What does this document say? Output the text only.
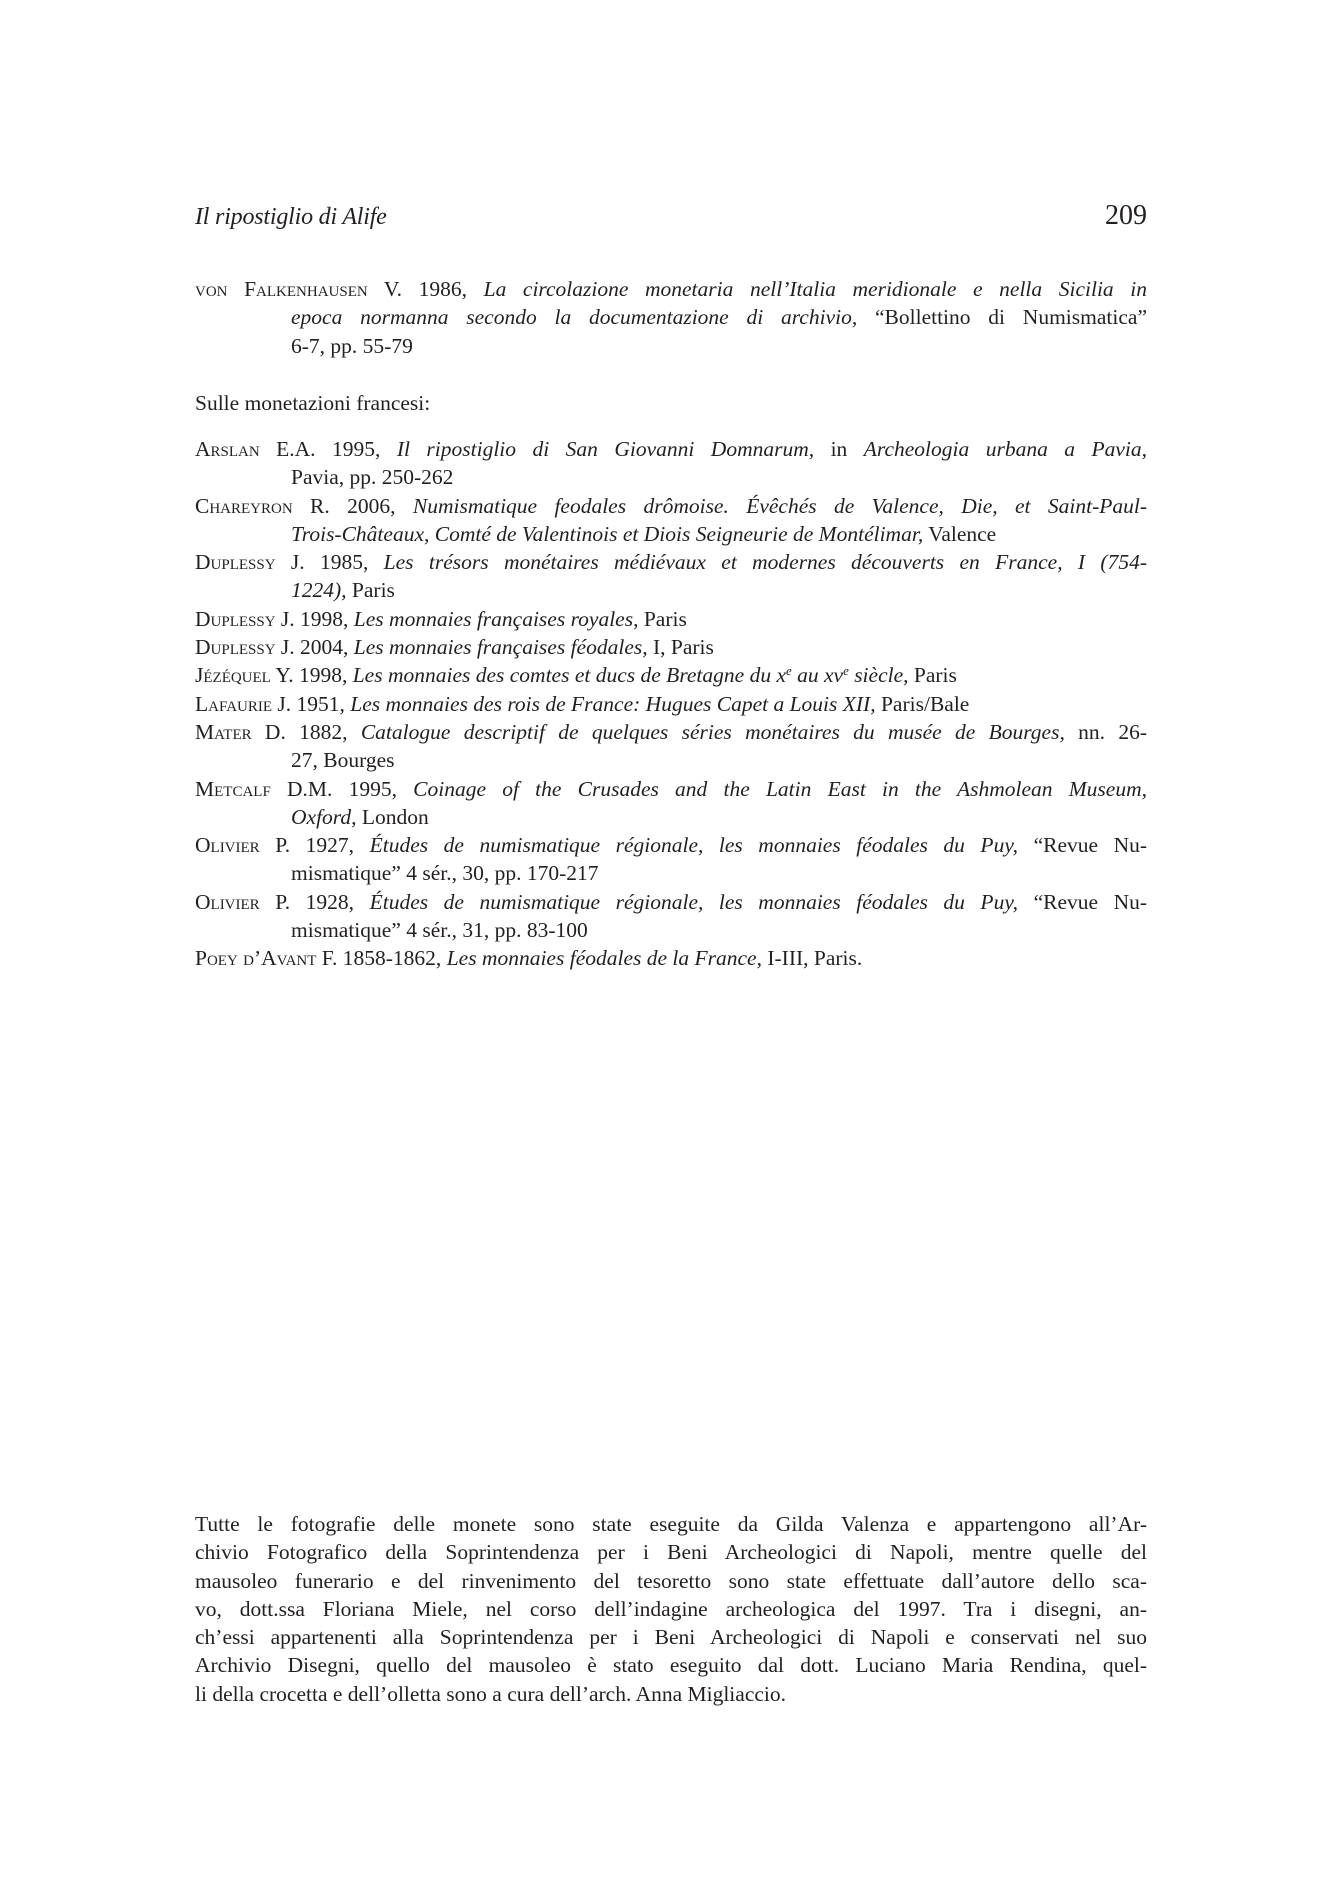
Il ripostiglio di Alife	209
von Falkenhausen V. 1986, La circolazione monetaria nell’Italia meridionale e nella Sicilia in
epoca normanna secondo la documentazione di archivio, “Bollettino di Numismatica”
6-7, pp. 55-79
Sulle monetazioni francesi:
Arslan E.A. 1995, Il ripostiglio di San Giovanni Domnarum, in Archeologia urbana a Pavia,
Pavia, pp. 250-262
Chareyron R. 2006, Numismatique feodales drômoise. Évêchés de Valence, Die, et Saint-Paul-
Trois-Châteaux, Comté de Valentinois et Diois Seigneurie de Montélimar, Valence
Duplessy J. 1985, Les trésors monétaires médiévaux et modernes découverts en France, I (754-
1224), Paris
Duplessy J. 1998, Les monnaies françaises royales, Paris
Duplessy J. 2004, Les monnaies françaises féodales, I, Paris
Jézéquel Y. 1998, Les monnaies des comtes et ducs de Bretagne du $x^e$ au $xv^e$ siècle, Paris
Lafaurie J. 1951, Les monnaies des rois de France: Hugues Capet a Louis XII, Paris/Bale
Mater D. 1882, Catalogue descriptif de quelques séries monétaires du musée de Bourges, nn. 26-
27, Bourges
Metcalf D.M. 1995, Coinage of the Crusades and the Latin East in the Ashmolean Museum,
Oxford, London
Olivier P. 1927, Études de numismatique régionale, les monnaies féodales du Puy, “Revue Nu-
mismatique” 4 sér., 30, pp. 170-217
Olivier P. 1928, Études de numismatique régionale, les monnaies féodales du Puy, “Revue Nu-
mismatique” 4 sér., 31, pp. 83-100
Poey d’Avant F. 1858-1862, Les monnaies féodales de la France, I-III, Paris.
Tutte le fotografie delle monete sono state eseguite da Gilda Valenza e appartengono all’Ar-
chivio Fotografico della Soprintendenza per i Beni Archeologici di Napoli, mentre quelle del
mausoleo funerario e del rinvenimento del tesoretto sono state effettuate dall’autore dello sca-
vo, dott.ssa Floriana Miele, nel corso dell’indagine archeologica del 1997. Tra i disegni, an-
ch’essi appartenenti alla Soprintendenza per i Beni Archeologici di Napoli e conservati nel suo
Archivio Disegni, quello del mausoleo è stato eseguito dal dott. Luciano Maria Rendina, quel-
li della crocetta e dell’olletta sono a cura dell’arch. Anna Migliaccio.
